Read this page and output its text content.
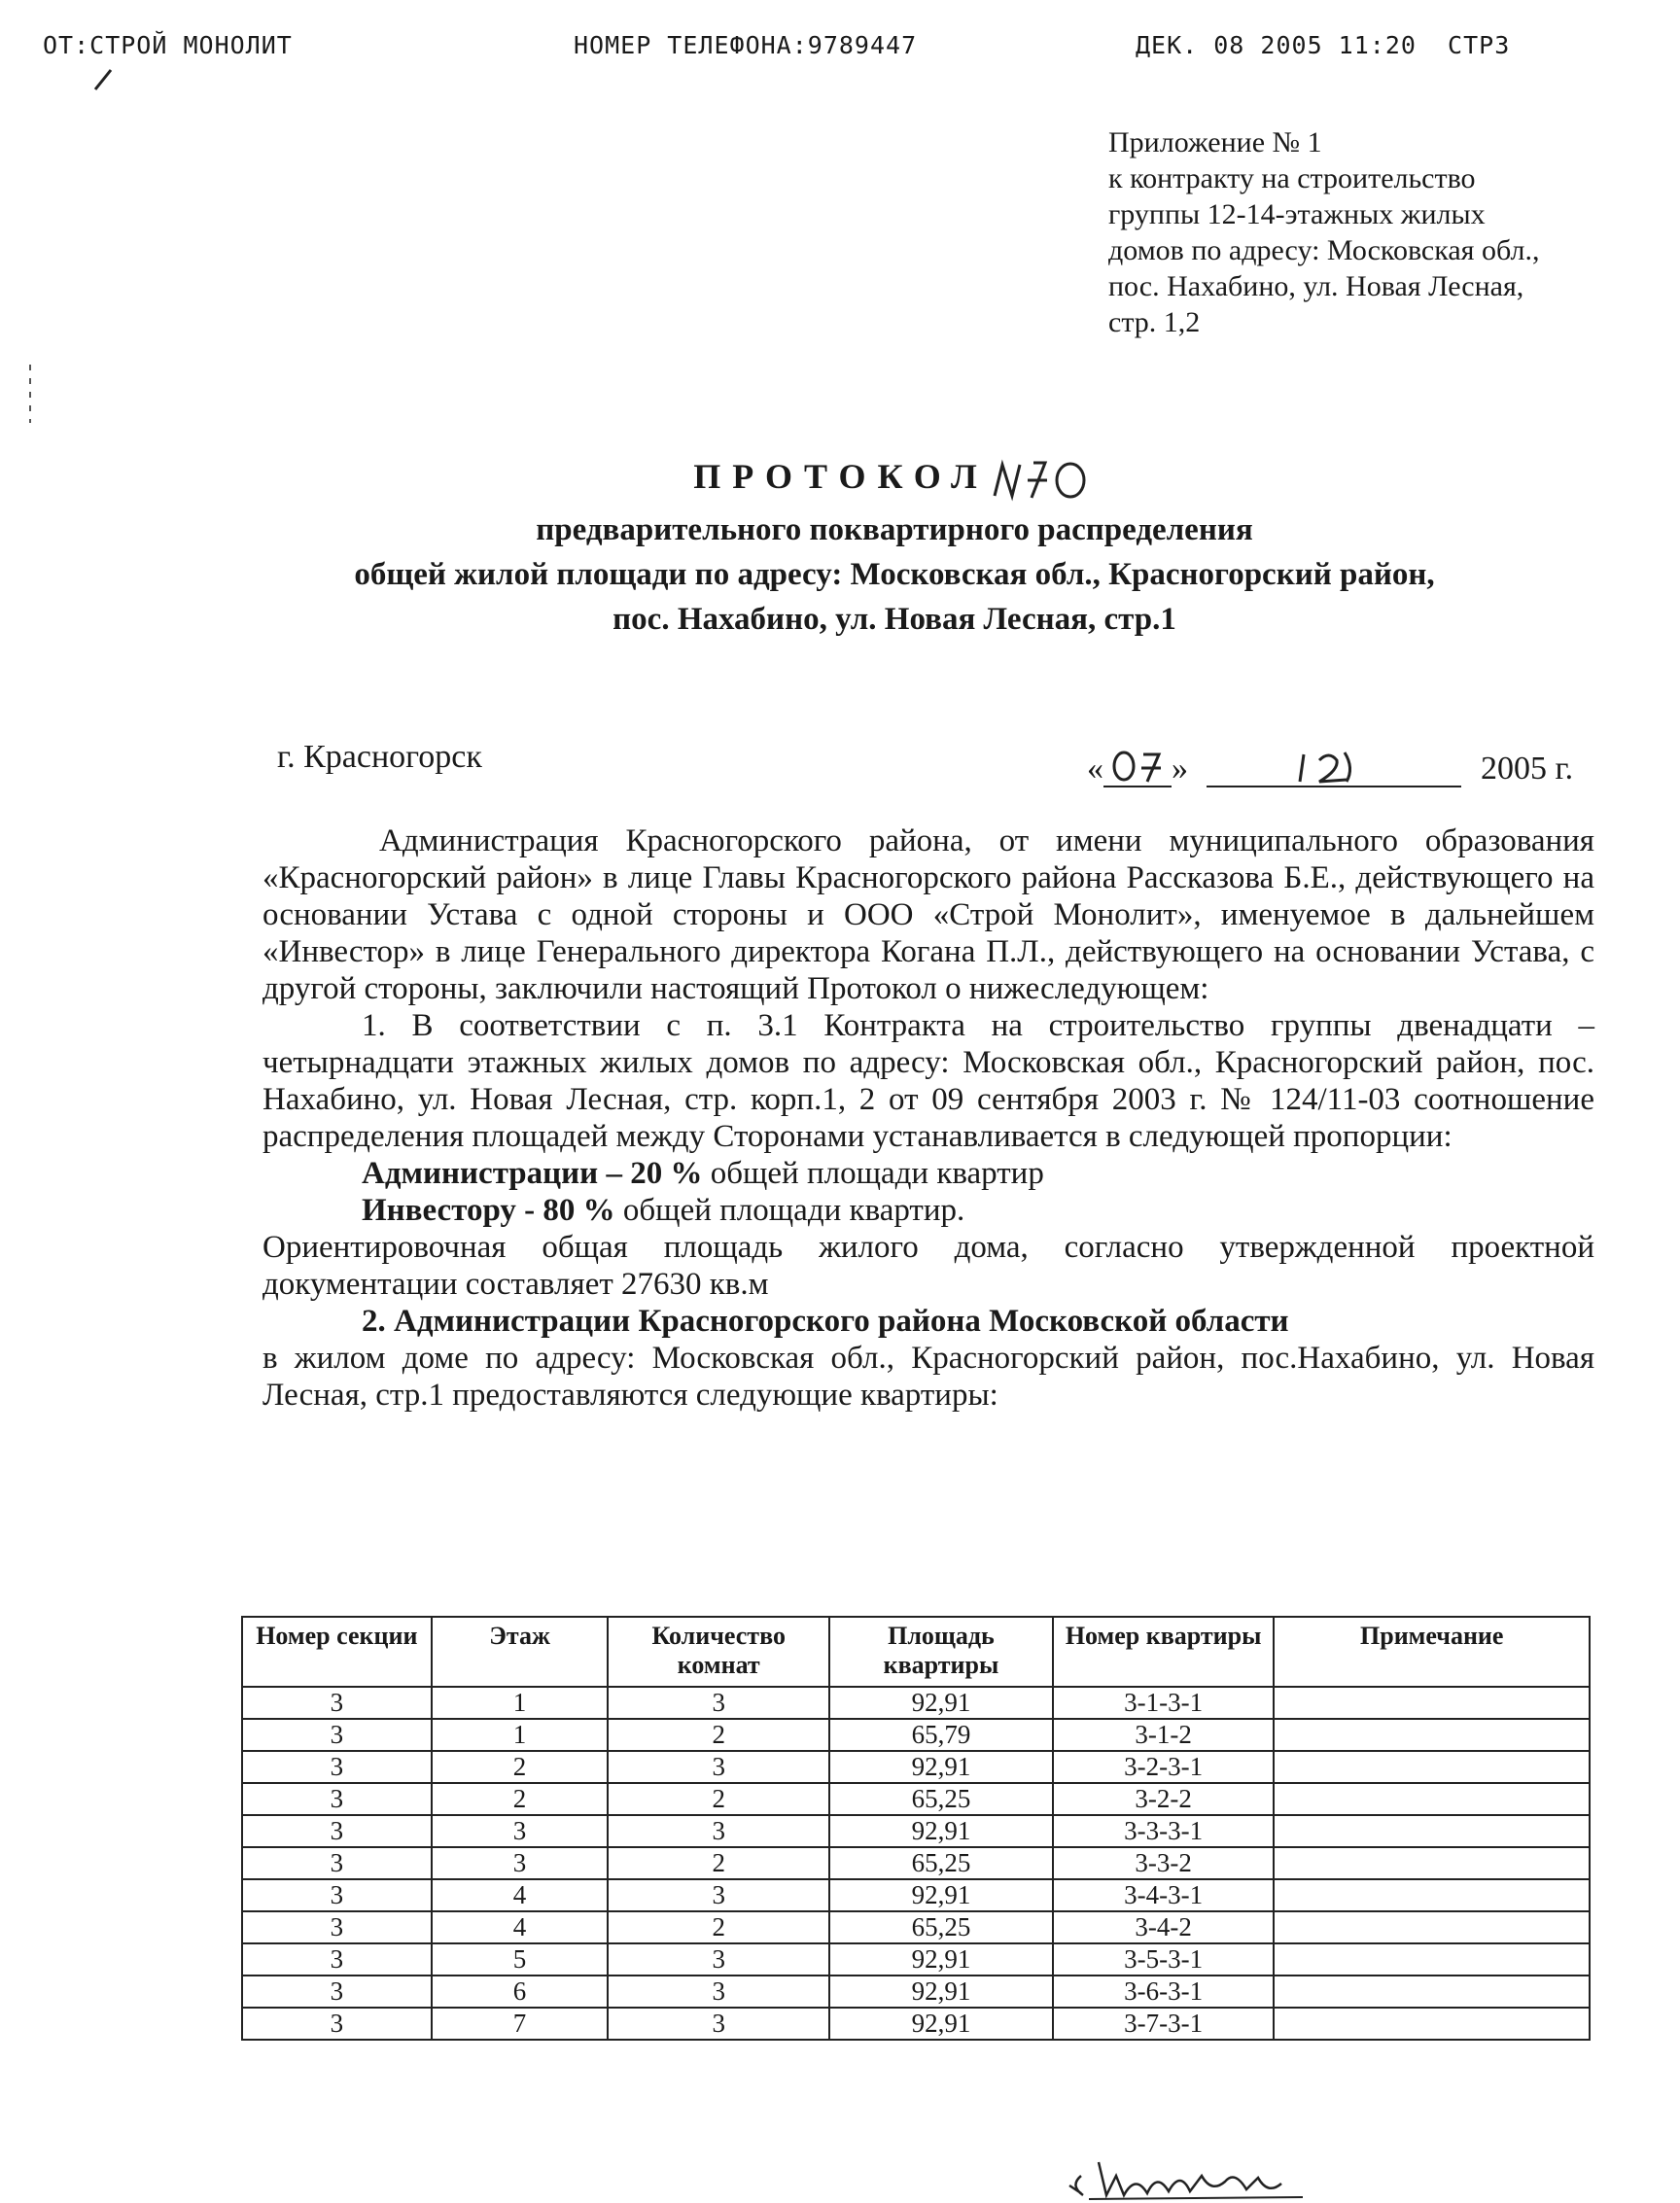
ОТ:СТРОЙ МОНОЛИТ	НОМЕР ТЕЛЕФОНА:9789447	ДЕК. 08 2005 11:20 СТР3
Приложение № 1
к контракту на строительство
группы 12-14-этажных жилых
домов по адресу: Московская обл.,
пос. Нахабино, ул. Новая Лесная,
стр. 1,2
ПРОТОКОЛ
предварительного поквартирного распределения
общей жилой площади по адресу: Московская обл., Красногорский район,
пос. Нахабино, ул. Новая Лесная, стр.1
г. Красногорск	« »	2005 г.

Администрация Красногорского района, от имени муниципального образования «Красногорский район» в лице Главы Красногорского района Рассказова Б.Е., действующего на основании Устава с одной стороны и ООО «Строй Монолит», именуемое в дальнейшем «Инвестор» в лице Генерального директора Когана П.Л., действующего на основании Устава, с другой стороны, заключили настоящий Протокол о нижеследующем:

1. В соответствии с п. 3.1 Контракта на строительство группы двенадцати – четырнадцати этажных жилых домов по адресу: Московская обл., Красногорский район, пос. Нахабино, ул. Новая Лесная, стр. корп.1, 2 от 09 сентября 2003 г. № 124/11-03 соотношение распределения площадей между Сторонами устанавливается в следующей пропорции:

Администрации – 20 % общей площади квартир

Инвестору - 80 % общей площади квартир.

Ориентировочная общая площадь жилого дома, согласно утвержденной проектной документации составляет 27630 кв.м

2. Администрации Красногорского района Московской области

в жилом доме по адресу: Московская обл., Красногорский район, пос.Нахабино, ул. Новая Лесная, стр.1 предоставляются следующие квартиры:

Номер секции	Этаж	Количество комнат	Площадь квартиры	Номер квартиры	Примечание
3	1	3	92,91	3-1-3-1	
3	1	2	65,79	3-1-2	
3	2	3	92,91	3-2-3-1	
3	2	2	65,25	3-2-2	
3	3	3	92,91	3-3-3-1	
3	3	2	65,25	3-3-2	
3	4	3	92,91	3-4-3-1	
3	4	2	65,25	3-4-2	
3	5	3	92,91	3-5-3-1	
3	6	3	92,91	3-6-3-1	
3	7	3	92,91	3-7-3-1	
